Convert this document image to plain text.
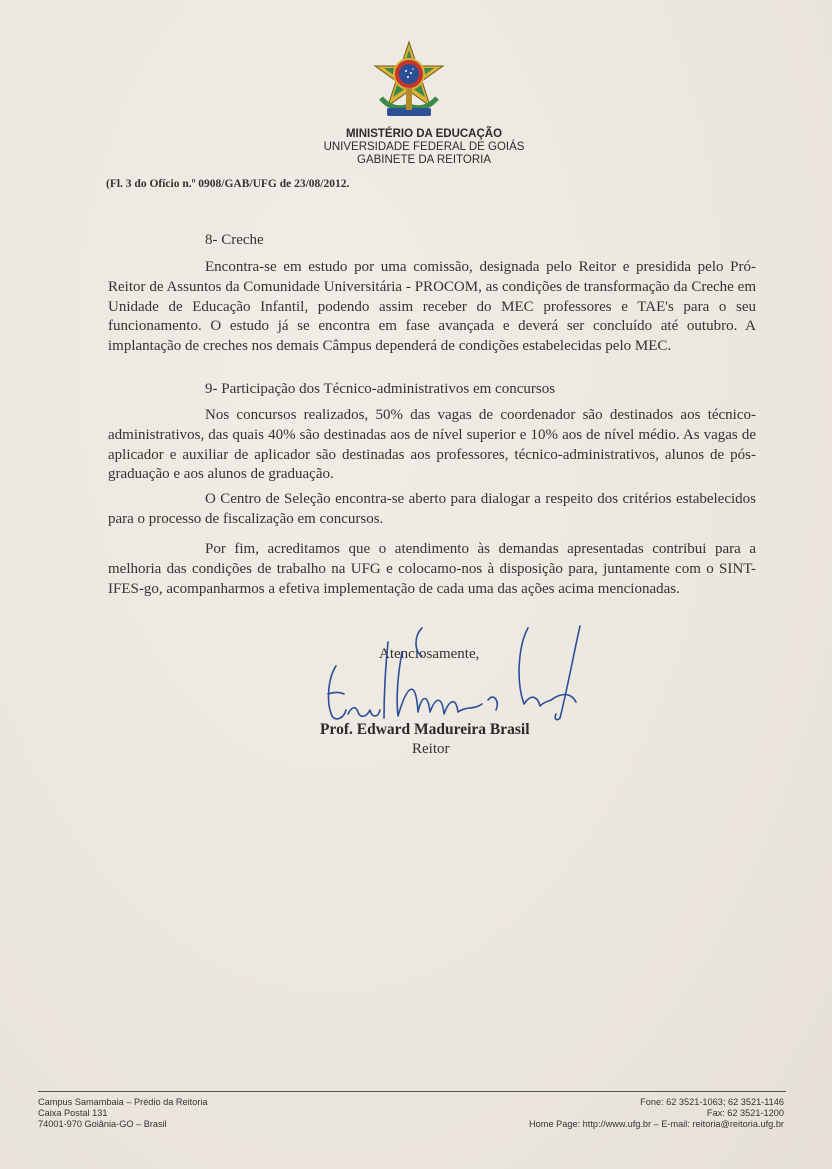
MINISTÉRIO DA EDUCAÇÃO
UNIVERSIDADE FEDERAL DE GOIÁS
GABINETE DA REITORIA
(Fl. 3 do Ofício n.º 0908/GAB/UFG de 23/08/2012.
8- Creche

Encontra-se em estudo por uma comissão, designada pelo Reitor e presidida pelo Pró-Reitor de Assuntos da Comunidade Universitária - PROCOM, as condições de transformação da Creche em Unidade de Educação Infantil, podendo assim receber do MEC professores e TAE's para o seu funcionamento. O estudo já se encontra em fase avançada e deverá ser concluído até outubro. A implantação de creches nos demais Câmpus dependerá de condições estabelecidas pelo MEC.

9- Participação dos Técnico-administrativos em concursos

Nos concursos realizados, 50% das vagas de coordenador são destinados aos técnico-administrativos, das quais 40% são destinadas aos de nível superior e 10% aos de nível médio. As vagas de aplicador e auxiliar de aplicador são destinadas aos professores, técnico-administrativos, alunos de pós-graduação e aos alunos de graduação.

O Centro de Seleção encontra-se aberto para dialogar a respeito dos critérios estabelecidos para o processo de fiscalização em concursos.

Por fim, acreditamos que o atendimento às demandas apresentadas contribui para a melhoria das condições de trabalho na UFG e colocamo-nos à disposição para, juntamente com o SINT-IFES-go, acompanharmos a efetiva implementação de cada uma das ações acima mencionadas.

Atenciosamente,
Prof. Edward Madureira Brasil
Reitor
Campus Samambaia – Prédio da Reitoria
Caixa Postal 131
74001-970 Goiânia-GO – Brasil
Fone: 62 3521-1063; 62 3521-1146
Fax: 62 3521-1200
Home Page: http://www.ufg.br – E-mail: reitoria@reitoria.ufg.br
